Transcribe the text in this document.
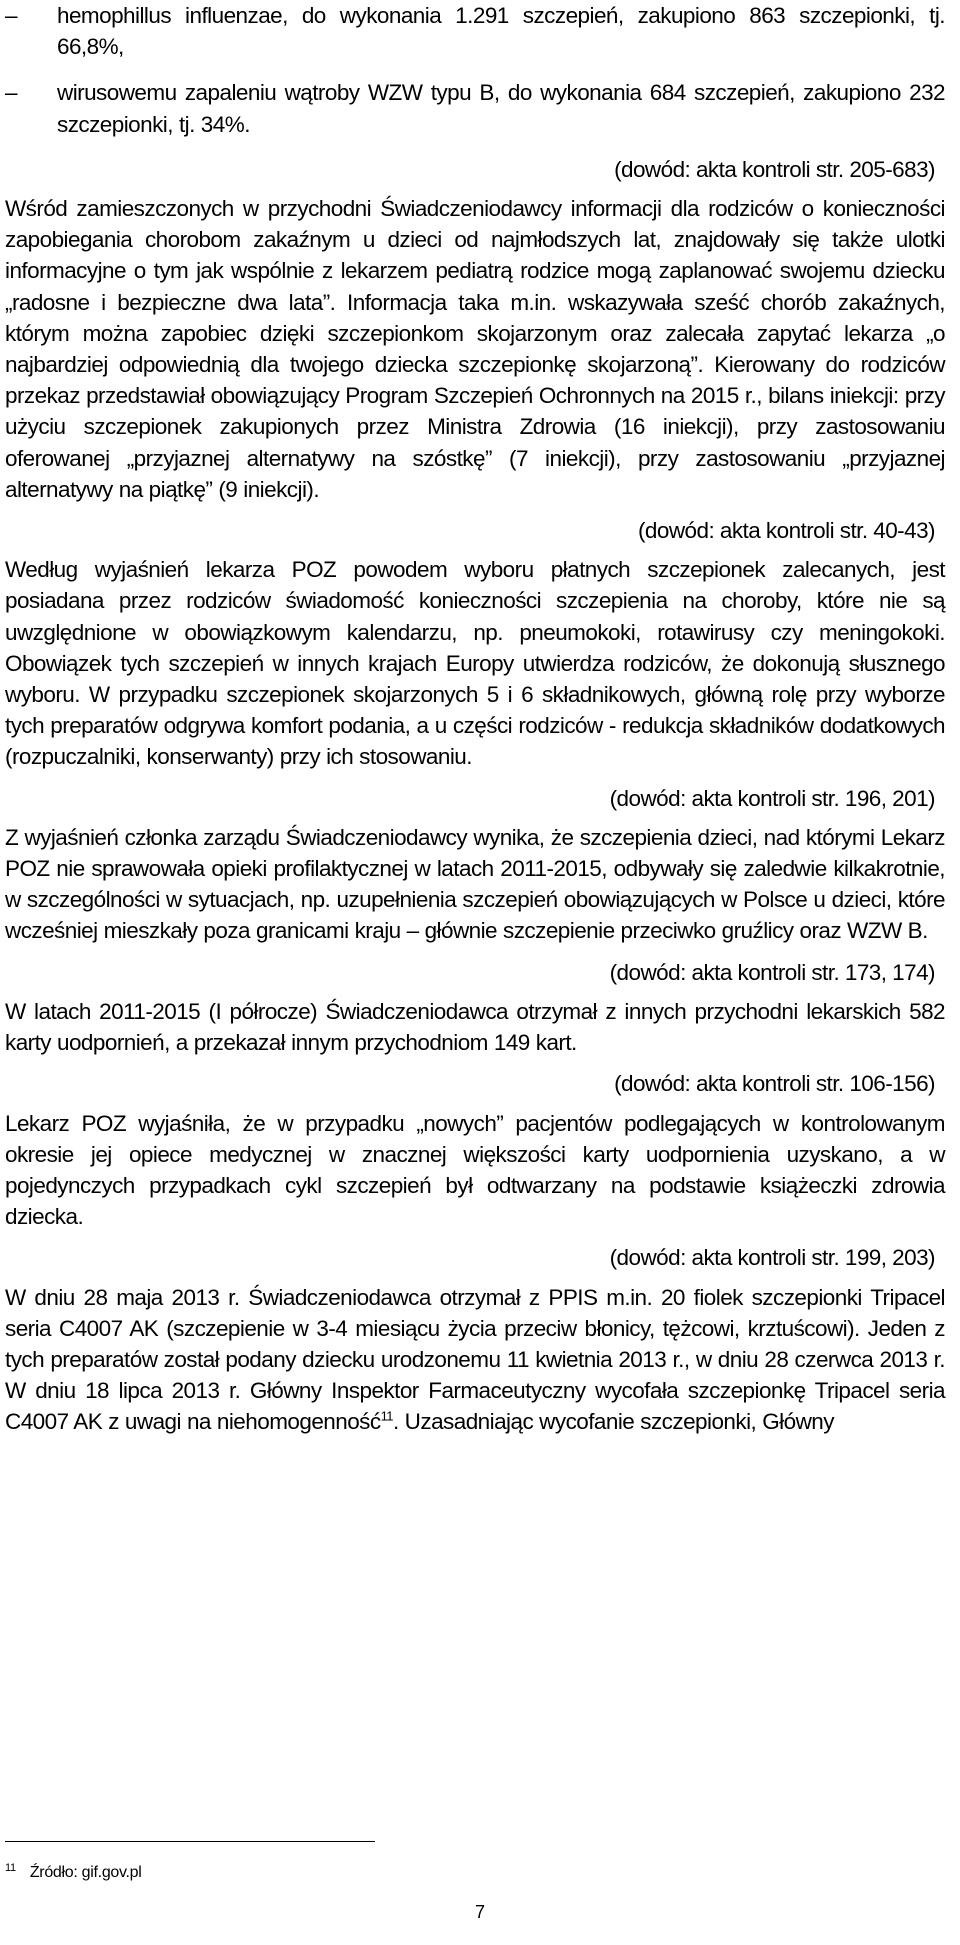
–	hemophillus influenzae, do wykonania 1.291 szczepień, zakupiono 863 szczepionki, tj. 66,8%,
–	wirusowemu zapaleniu wątroby WZW typu B, do wykonania 684 szczepień, zakupiono 232 szczepionki, tj. 34%.
(dowód: akta kontroli str. 205-683)

Wśród zamieszczonych w przychodni Świadczeniodawcy informacji dla rodziców o konieczności zapobiegania chorobom zakaźnym u dzieci od najmłodszych lat, znajdowały się także ulotki informacyjne o tym jak wspólnie z lekarzem pediatrą rodzice mogą zaplanować swojemu dziecku „radosne i bezpieczne dwa lata”. Informacja taka m.in. wskazywała sześć chorób zakaźnych, którym można zapobiec dzięki szczepionkom skojarzonym oraz zalecała zapytać lekarza „o najbardziej odpowiednią dla twojego dziecka szczepionkę skojarzoną”. Kierowany do rodziców przekaz przedstawiał obowiązujący Program Szczepień Ochronnych na 2015 r., bilans iniekcji: przy użyciu szczepionek zakupionych przez Ministra Zdrowia (16 iniekcji), przy zastosowaniu oferowanej „przyjaznej alternatywy na szóstkę” (7 iniekcji), przy zastosowaniu „przyjaznej alternatywy na piątkę” (9 iniekcji).

(dowód: akta kontroli str. 40-43)

Według wyjaśnień lekarza POZ powodem wyboru płatnych szczepionek zalecanych, jest posiadana przez rodziców świadomość konieczności szczepienia na choroby, które nie są uwzględnione w obowiązkowym kalendarzu, np. pneumokoki, rotawirusy czy meningokoki. Obowiązek tych szczepień w innych krajach Europy utwierdza rodziców, że dokonują słusznego wyboru. W przypadku szczepionek skojarzonych 5 i 6 składnikowych, główną rolę przy wyborze tych preparatów odgrywa komfort podania, a u części rodziców - redukcja składników dodatkowych (rozpuczalniki, konserwanty) przy ich stosowaniu.

(dowód: akta kontroli str. 196, 201)

Z wyjaśnień członka zarządu Świadczeniodawcy wynika, że szczepienia dzieci, nad którymi Lekarz POZ nie sprawowała opieki profilaktycznej w latach 2011-2015, odbywały się zaledwie kilkakrotnie, w szczególności w sytuacjach, np. uzupełnienia szczepień obowiązujących w Polsce u dzieci, które wcześniej mieszkały poza granicami kraju – głównie szczepienie przeciwko gruźlicy oraz WZW B.

(dowód: akta kontroli str. 173, 174)

W latach 2011-2015 (I półrocze) Świadczeniodawca otrzymał z innych przychodni lekarskich 582 karty uodpornień, a przekazał innym przychodniom 149 kart.

(dowód: akta kontroli str. 106-156)

Lekarz POZ wyjaśniła, że w przypadku „nowych” pacjentów podlegających w kontrolowanym okresie jej opiece medycznej w znacznej większości karty uodpornienia uzyskano, a w pojedynczych przypadkach cykl szczepień był odtwarzany na podstawie książeczki zdrowia dziecka.

(dowód: akta kontroli str. 199, 203)

W dniu 28 maja 2013 r. Świadczeniodawca otrzymał z PPIS m.in. 20 fiolek szczepionki Tripacel seria C4007 AK (szczepienie w 3-4 miesiącu życia przeciw błonicy, tężcowi, krztuścowi). Jeden z tych preparatów został podany dziecku urodzonemu 11 kwietnia 2013 r., w dniu 28 czerwca 2013 r. W dniu 18 lipca 2013 r. Główny Inspektor Farmaceutyczny wycofała szczepionkę Tripacel seria C4007 AK z uwagi na niehomogenność$^{11}$. Uzasadniając wycofanie szczepionki, Główny

$^{11}$ Źródło: gif.gov.pl
7
